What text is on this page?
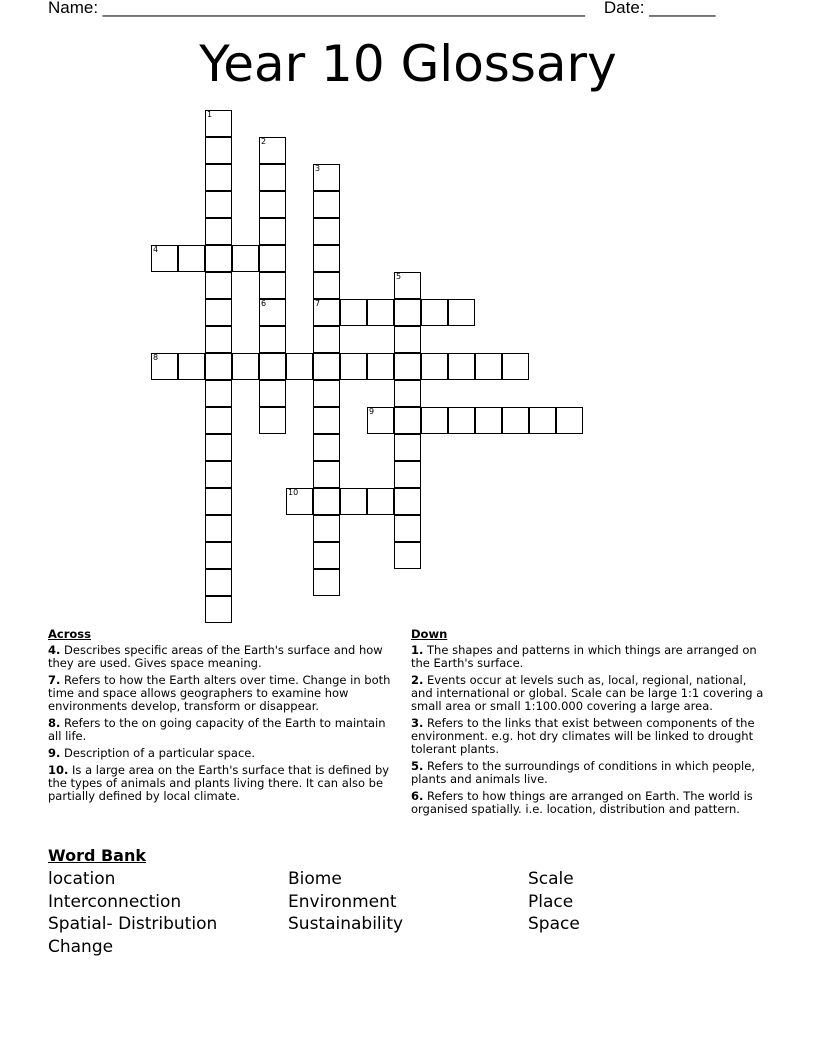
Name: ___________________________________________________    Date: _______
Year 10 Glossary
1
2
3
7
4
5
6
8
9
10
Across
4. Describes specific areas of the Earth's surface and how they are used. Gives space meaning.
7. Refers to how the Earth alters over time. Change in both time and space allows geographers to examine how environments develop, transform or disappear.
8. Refers to the on going capacity of the Earth to maintain all life.
9. Description of a particular space.
10. Is a large area on the Earth's surface that is defined by the types of animals and plants living there. It can also be partially defined by local climate.
Down
1. The shapes and patterns in which things are arranged on the Earth's surface.
2. Events occur at levels such as, local, regional, national, and international or global. Scale can be large 1:1 covering a small area or small 1:100.000 covering a large area.
3. Refers to the links that exist between components of the environment. e.g. hot dry climates will be linked to drought tolerant plants.
5. Refers to the surroundings of conditions in which people, plants and animals live.
6. Refers to how things are arranged on Earth. The world is organised spatially. i.e. location, distribution and pattern.
Word Bank
location
Interconnection
Spatial- Distribution
Change
Biome
Environment
Sustainability
Scale
Place
Space
